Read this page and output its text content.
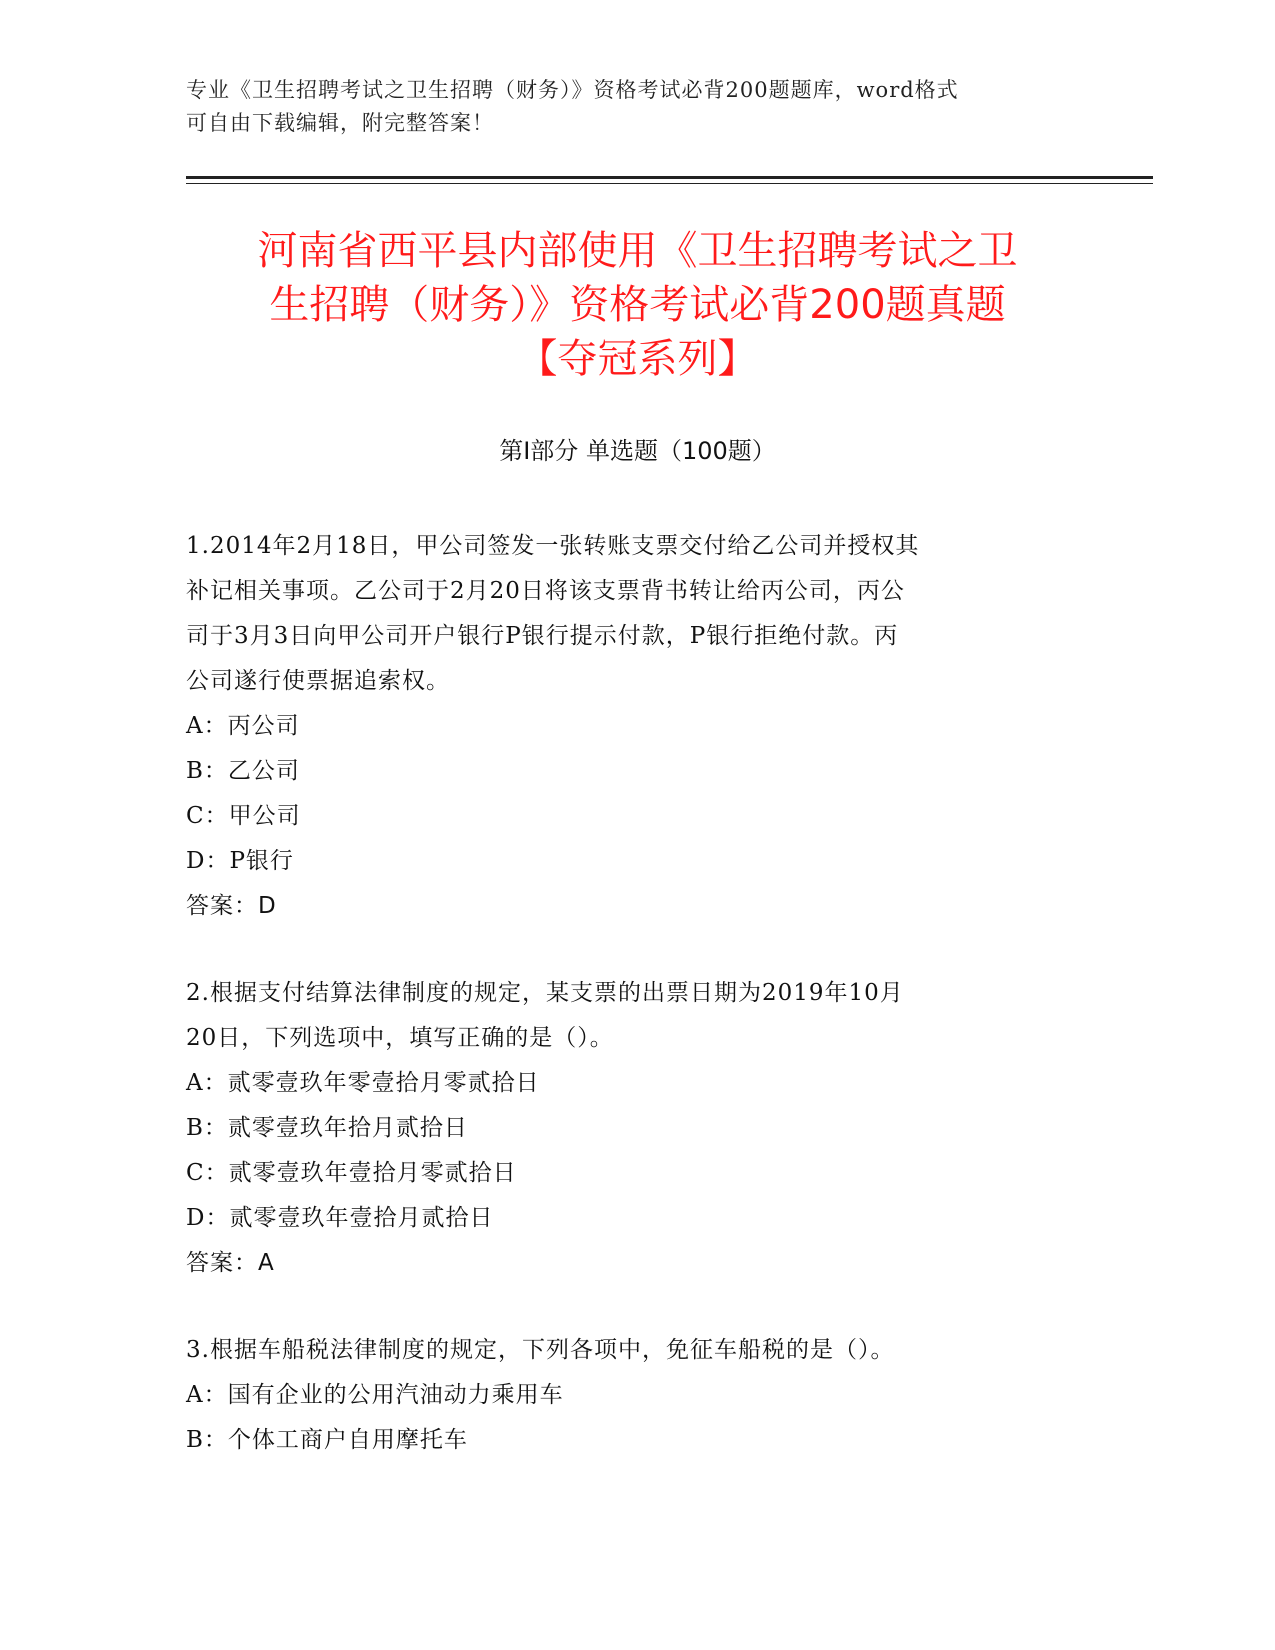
专业《卫生招聘考试之卫生招聘（财务）》资格考试必背200题题库，word格式
可自由下载编辑，附完整答案！
河南省西平县内部使用《卫生招聘考试之卫
生招聘（财务）》资格考试必背200题真题
【夺冠系列】
第I部分 单选题（100题）
1.2014年2月18日，甲公司签发一张转账支票交付给乙公司并授权其
补记相关事项。乙公司于2月20日将该支票背书转让给丙公司，丙公
司于3月3日向甲公司开户银行P银行提示付款，P银行拒绝付款。丙
公司遂行使票据追索权。
A：丙公司
B：乙公司
C：甲公司
D：P银行
答案：D
2.根据支付结算法律制度的规定，某支票的出票日期为2019年10月
20日，下列选项中，填写正确的是（）。
A：贰零壹玖年零壹拾月零贰拾日
B：贰零壹玖年拾月贰拾日
C：贰零壹玖年壹拾月零贰拾日
D：贰零壹玖年壹拾月贰拾日
答案：A
3.根据车船税法律制度的规定，下列各项中，免征车船税的是（）。
A：国有企业的公用汽油动力乘用车
B：个体工商户自用摩托车
